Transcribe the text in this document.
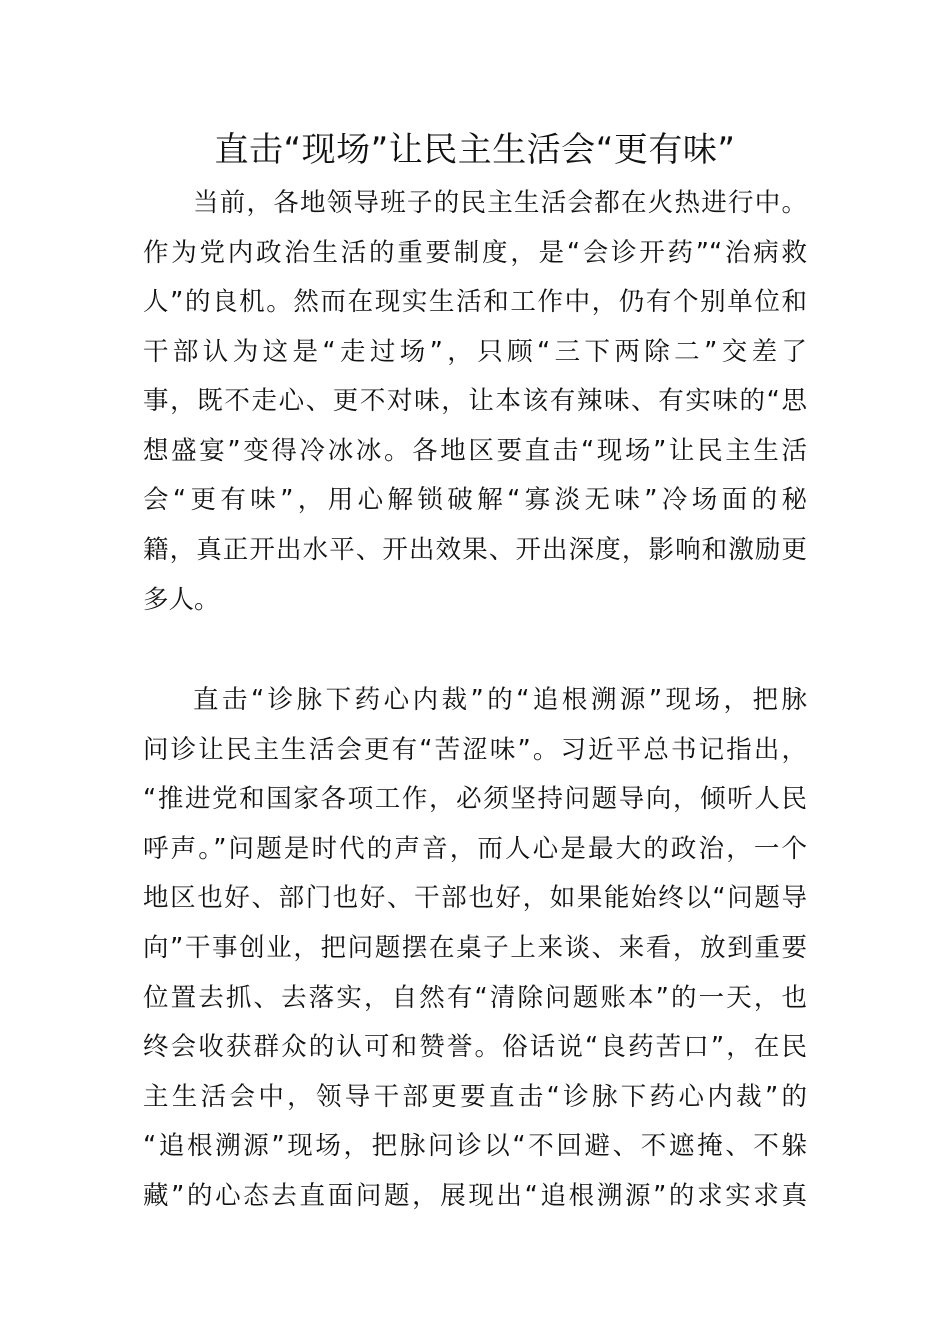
直击“现场”让民主生活会“更有味”

当前，各地领导班子的民主生活会都在火热进行中。

作为党内政治生活的重要制度，是“会诊开药”“治病救

人”的良机。然而在现实生活和工作中，仍有个别单位和

干部认为这是“走过场”，只顾“三下两除二”交差了

事，既不走心、更不对味，让本该有辣味、有实味的“思

想盛宴”变得冷冰冰。各地区要直击“现场”让民主生活

会“更有味”，用心解锁破解“寡淡无味”冷场面的秘

籍，真正开出水平、开出效果、开出深度，影响和激励更

多人。

直击“诊脉下药心内裁”的“追根溯源”现场，把脉

问诊让民主生活会更有“苦涩味”。习近平总书记指出，

“推进党和国家各项工作，必须坚持问题导向，倾听人民

呼声。”问题是时代的声音，而人心是最大的政治，一个

地区也好、部门也好、干部也好，如果能始终以“问题导

向”干事创业，把问题摆在桌子上来谈、来看，放到重要

位置去抓、去落实，自然有“清除问题账本”的一天，也

终会收获群众的认可和赞誉。俗话说“良药苦口”，在民

主生活会中，领导干部更要直击“诊脉下药心内裁”的

“追根溯源”现场，把脉问诊以“不回避、不遮掩、不躲

藏”的心态去直面问题，展现出“追根溯源”的求实求真
